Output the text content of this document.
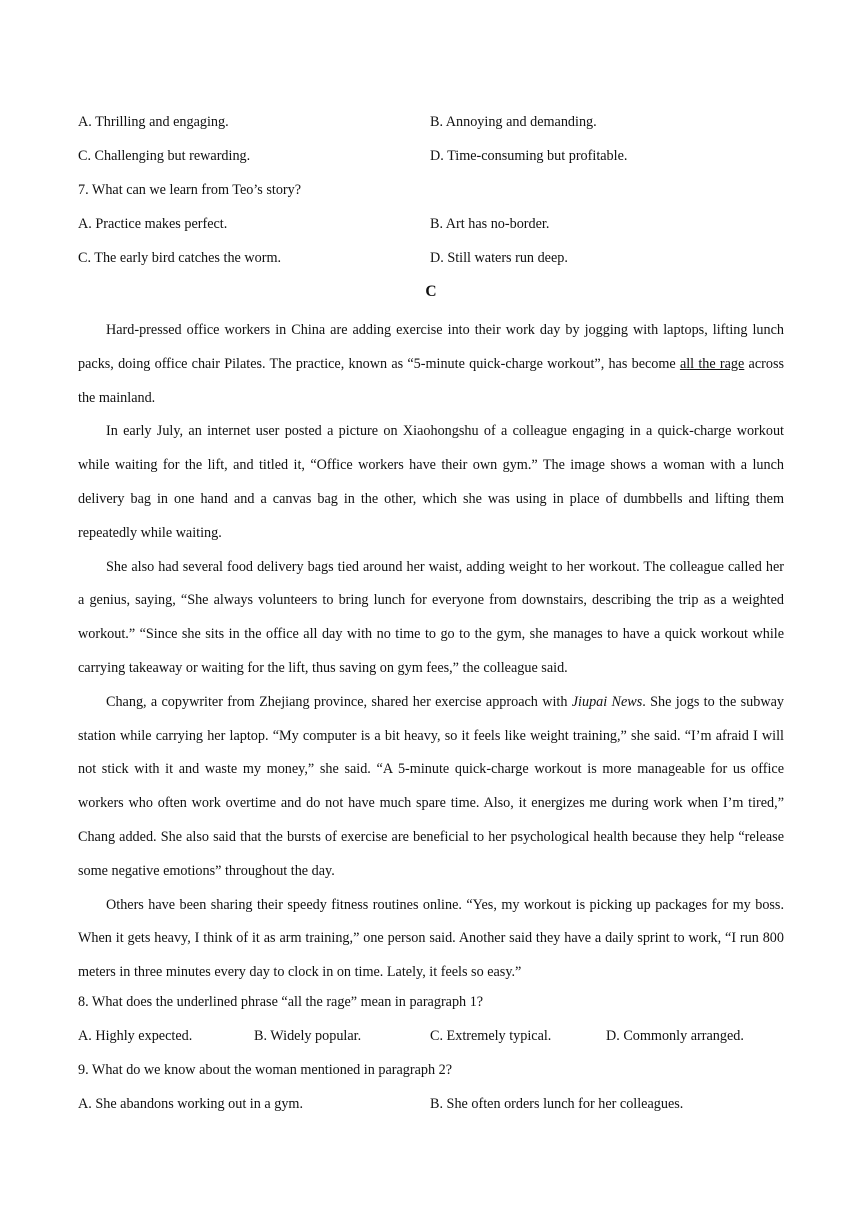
A. Thrilling and engaging.	B. Annoying and demanding.
C. Challenging but rewarding.	D. Time-consuming but profitable.
7. What can we learn from Teo’s story?
A. Practice makes perfect.	B. Art has no-border.
C. The early bird catches the worm.	D. Still waters run deep.
C

Hard-pressed office workers in China are adding exercise into their work day by jogging with laptops, lifting lunch packs, doing office chair Pilates. The practice, known as “5-minute quick-charge workout”, has become all the rage across the mainland.

In early July, an internet user posted a picture on Xiaohongshu of a colleague engaging in a quick-charge workout while waiting for the lift, and titled it, “Office workers have their own gym.” The image shows a woman with a lunch delivery bag in one hand and a canvas bag in the other, which she was using in place of dumbbells and lifting them repeatedly while waiting.

She also had several food delivery bags tied around her waist, adding weight to her workout. The colleague called her a genius, saying, “She always volunteers to bring lunch for everyone from downstairs, describing the trip as a weighted workout.” “Since she sits in the office all day with no time to go to the gym, she manages to have a quick workout while carrying takeaway or waiting for the lift, thus saving on gym fees,” the colleague said.

Chang, a copywriter from Zhejiang province, shared her exercise approach with Jiupai News. She jogs to the subway station while carrying her laptop. “My computer is a bit heavy, so it feels like weight training,” she said. “I’m afraid I will not stick with it and waste my money,” she said. “A 5-minute quick-charge workout is more manageable for us office workers who often work overtime and do not have much spare time. Also, it energizes me during work when I’m tired,” Chang added. She also said that the bursts of exercise are beneficial to her psychological health because they help “release some negative emotions” throughout the day.

Others have been sharing their speedy fitness routines online. “Yes, my workout is picking up packages for my boss. When it gets heavy, I think of it as arm training,” one person said. Another said they have a daily sprint to work, “I run 800 meters in three minutes every day to clock in on time. Lately, it feels so easy.”

8. What does the underlined phrase “all the rage” mean in paragraph 1?
A. Highly expected.	B. Widely popular.	C. Extremely typical.	D. Commonly arranged.
9. What do we know about the woman mentioned in paragraph 2?
A. She abandons working out in a gym.	B. She often orders lunch for her colleagues.
